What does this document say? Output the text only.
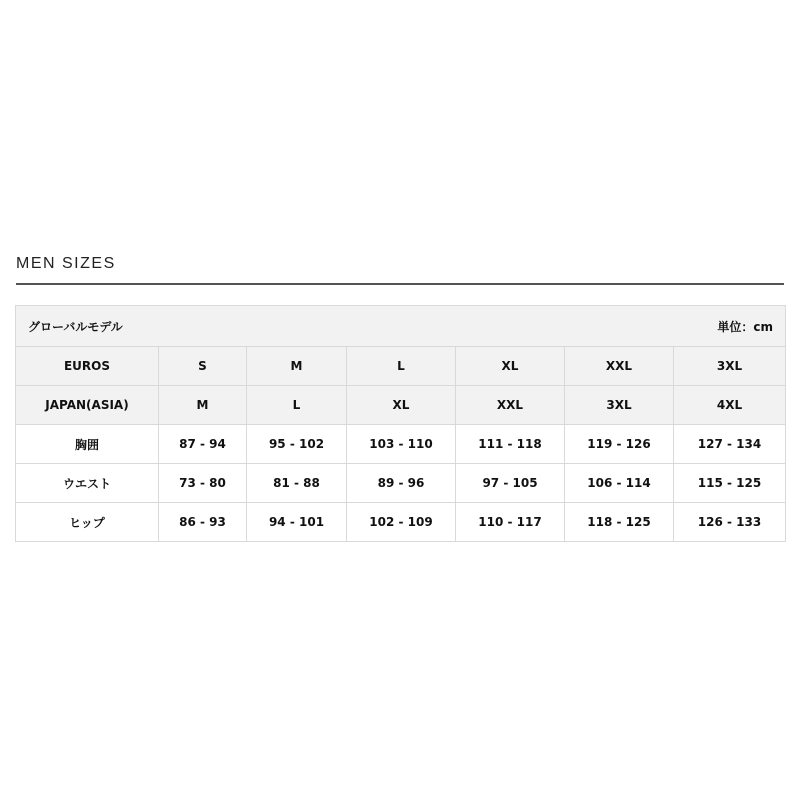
MEN SIZES
グローバルモデル 単位：cm						

EUROS	S	M	L	XL	XXL	3XL
JAPAN(ASIA)	M	L	XL	XXL	3XL	4XL
胸囲	87 - 94	95 - 102	103 - 110	111 - 118	119 - 126	127 - 134
ウエスト	73 - 80	81 - 88	89 - 96	97 - 105	106 - 114	115 - 125
ヒップ	86 - 93	94 - 101	102 - 109	110 - 117	118 - 125	126 - 133
